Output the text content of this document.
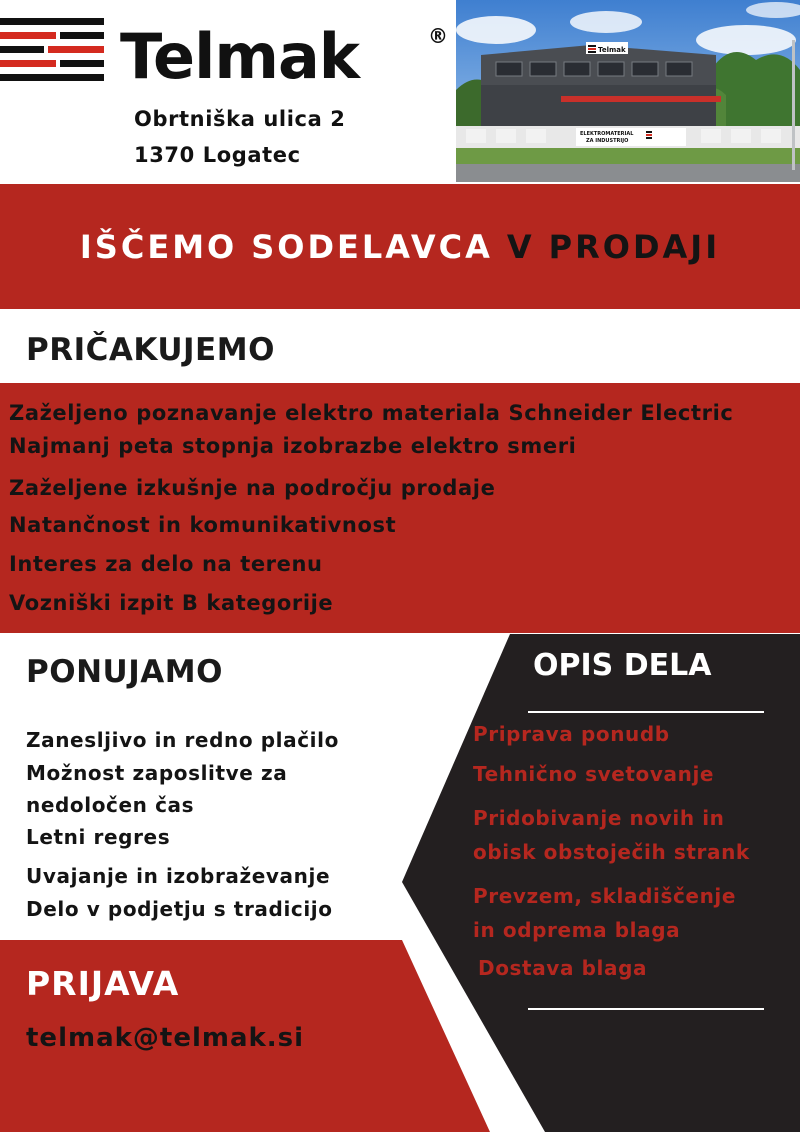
Telmak	®
Obrtniška ulica 2
1370 Logatec
Telmak
ELEKTROMATERIAL
ZA INDUSTRIJO
IŠČEMO SODELAVCA V PRODAJI
PRIČAKUJEMO
Zaželjeno poznavanje elektro materiala Schneider Electric
Najmanj peta stopnja izobrazbe elektro smeri
Zaželjene izkušnje na področju prodaje
Natančnost in komunikativnost
Interes za delo na terenu
Vozniški izpit B kategorije
PONUJAMO
Zanesljivo in redno plačilo
Možnost zaposlitve za
nedoločen čas
Letni regres
Uvajanje in izobraževanje
Delo v podjetju s tradicijo
OPIS DELA
Priprava ponudb
Tehnično svetovanje
Pridobivanje novih in
obisk obstoječih strank
Prevzem, skladiščenje
in odprema blaga
Dostava blaga
PRIJAVA
telmak@telmak.si
